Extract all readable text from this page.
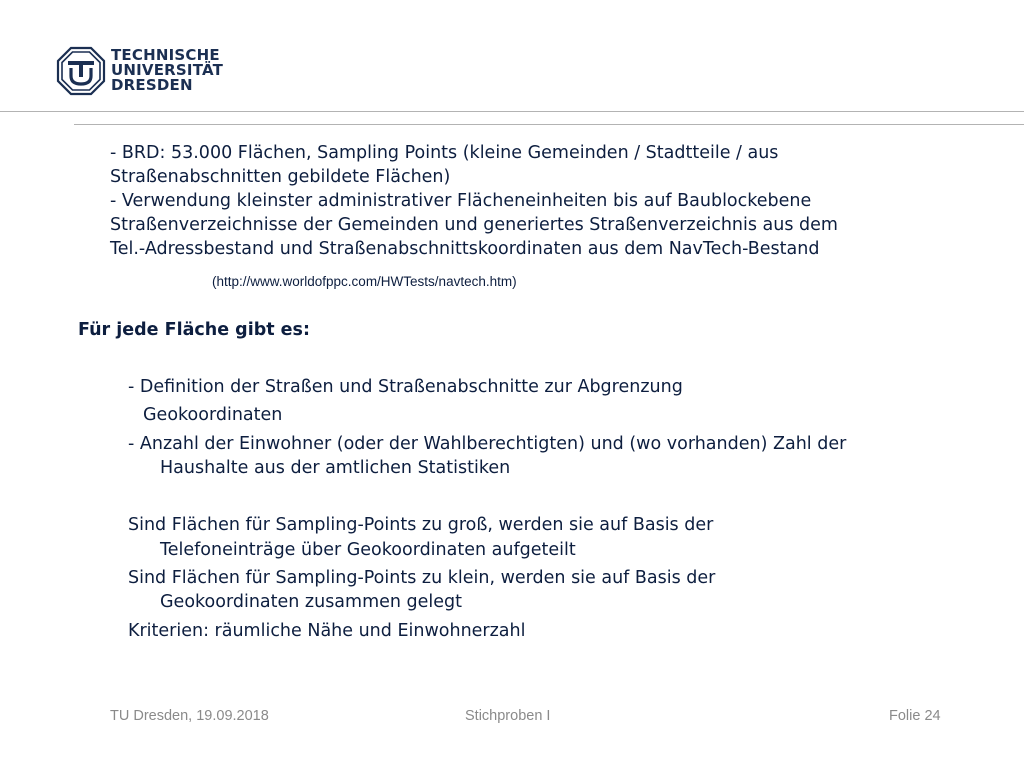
TECHNISCHE
UNIVERSITÄT
DRESDEN
- BRD: 53.000 Flächen, Sampling Points (kleine Gemeinden / Stadtteile / aus
Straßenabschnitten gebildete Flächen)
- Verwendung kleinster administrativer Flächeneinheiten bis auf Baublockebene
Straßenverzeichnisse der Gemeinden und generiertes Straßenverzeichnis aus dem
Tel.-Adressbestand und Straßenabschnittskoordinaten aus dem NavTech-Bestand
(http://www.worldofppc.com/HWTests/navtech.htm)
Für jede Fläche gibt es:
- Definition der Straßen und Straßenabschnitte zur Abgrenzung
Geokoordinaten
- Anzahl der Einwohner (oder der Wahlberechtigten) und (wo vorhanden) Zahl der
Haushalte aus der amtlichen Statistiken
Sind Flächen für Sampling-Points zu groß, werden sie auf Basis der
Telefoneinträge über Geokoordinaten aufgeteilt
Sind Flächen für Sampling-Points zu klein, werden sie auf Basis der
Geokoordinaten zusammen gelegt
Kriterien: räumliche Nähe und Einwohnerzahl
TU Dresden, 19.09.2018	Stichproben I	Folie 24
